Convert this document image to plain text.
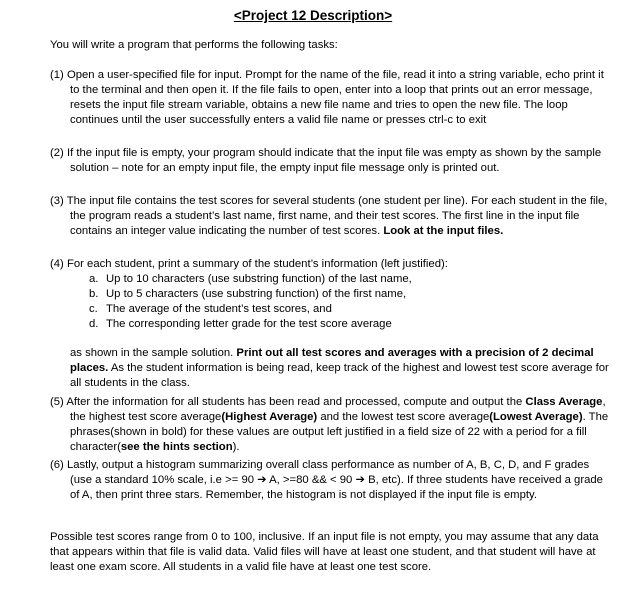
<Project 12 Description>
You will write a program that performs the following tasks:
(1) Open a user-specified file for input. Prompt for the name of the file, read it into a string variable, echo print it to the terminal and then open it. If the file fails to open, enter into a loop that prints out an error message, resets the input file stream variable, obtains a new file name and tries to open the new file. The loop continues until the user successfully enters a valid file name or presses ctrl-c to exit
(2) If the input file is empty, your program should indicate that the input file was empty as shown by the sample solution – note for an empty input file, the empty input file message only is printed out.
(3) The input file contains the test scores for several students (one student per line). For each student in the file, the program reads a student’s last name, first name, and their test scores. The first line in the input file contains an integer value indicating the number of test scores. Look at the input files.
(4) For each student, print a summary of the student’s information (left justified):
a. Up to 10 characters (use substring function) of the last name,
b. Up to 5 characters (use substring function) of the first name,
c. The average of the student’s test scores, and
d. The corresponding letter grade for the test score average
as shown in the sample solution. Print out all test scores and averages with a precision of 2 decimal places. As the student information is being read, keep track of the highest and lowest test score average for all students in the class.
(5) After the information for all students has been read and processed, compute and output the Class Average, the highest test score average(Highest Average) and the lowest test score average(Lowest Average). The phrases(shown in bold) for these values are output left justified in a field size of 22 with a period for a fill character(see the hints section).
(6) Lastly, output a histogram summarizing overall class performance as number of A, B, C, D, and F grades (use a standard 10% scale, i.e >= 90 ➔ A, >=80 && < 90 ➔ B, etc). If three students have received a grade of A, then print three stars. Remember, the histogram is not displayed if the input file is empty.
Possible test scores range from 0 to 100, inclusive. If an input file is not empty, you may assume that any data that appears within that file is valid data. Valid files will have at least one student, and that student will have at least one exam score. All students in a valid file have at least one test score.
